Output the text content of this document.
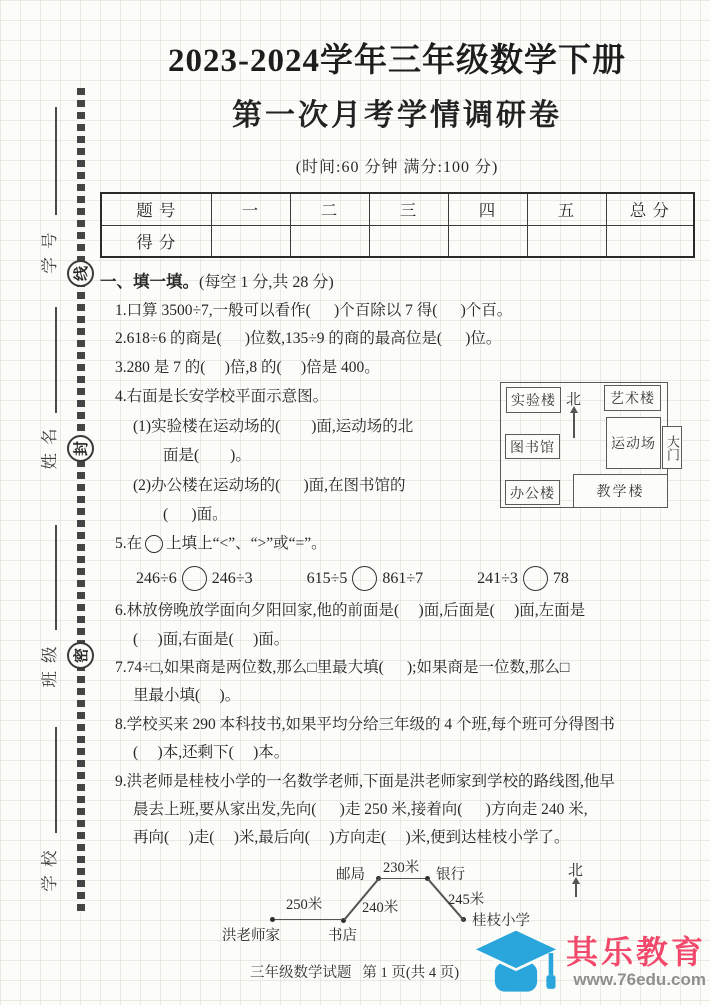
线
封
密
学 号
姓 名
班 级
学 校
2023-2024学年三年级数学下册
第一次月考学情调研卷
(时间:60 分钟 满分:100 分)
题 号	一	二	三	四	五	总 分
得 分						
一、填一填。(每空 1 分,共 28 分)
1.口算 3500÷7,一般可以看作(      )个百除以 7 得(      )个百。
2.618÷6 的商是(      )位数,135÷9 的商的最高位是(      )位。
3.280 是 7 的(     )倍,8 的(     )倍是 400。
4.右面是长安学校平面示意图。
(1)实验楼在运动场的(        )面,运动场的北
面是(        )。
(2)办公楼在运动场的(      )面,在图书馆的
(      )面。
实验楼	艺术楼
图书馆	运动场 大门
办公楼	教学楼
北
5.在 上填上“<”、“>”或“=”。
246÷6 246÷3	615÷5 861÷7	241÷3 78
6.林放傍晚放学面向夕阳回家,他的前面是(     )面,后面是(     )面,左面是
(     )面,右面是(     )面。
7.74÷□,如果商是两位数,那么□里最大填(      );如果商是一位数,那么□
里最小填(     )。
8.学校买来 290 本科技书,如果平均分给三年级的 4 个班,每个班可分得图书
(     )本,还剩下(     )本。
9.洪老师是桂枝小学的一名数学老师,下面是洪老师家到学校的路线图,他早
晨去上班,要从家出发,先向(      )走 250 米,接着向(      )方向走 240 米,
再向(     )走(     )米,最后向(     )方向走(     )米,便到达桂枝小学了。
250米	240米
230米
245米
洪老师家	书店
邮局	银行
桂枝小学
北
三年级数学试题   第 1 页(共 4 页)
其乐教育
www.76edu.com
